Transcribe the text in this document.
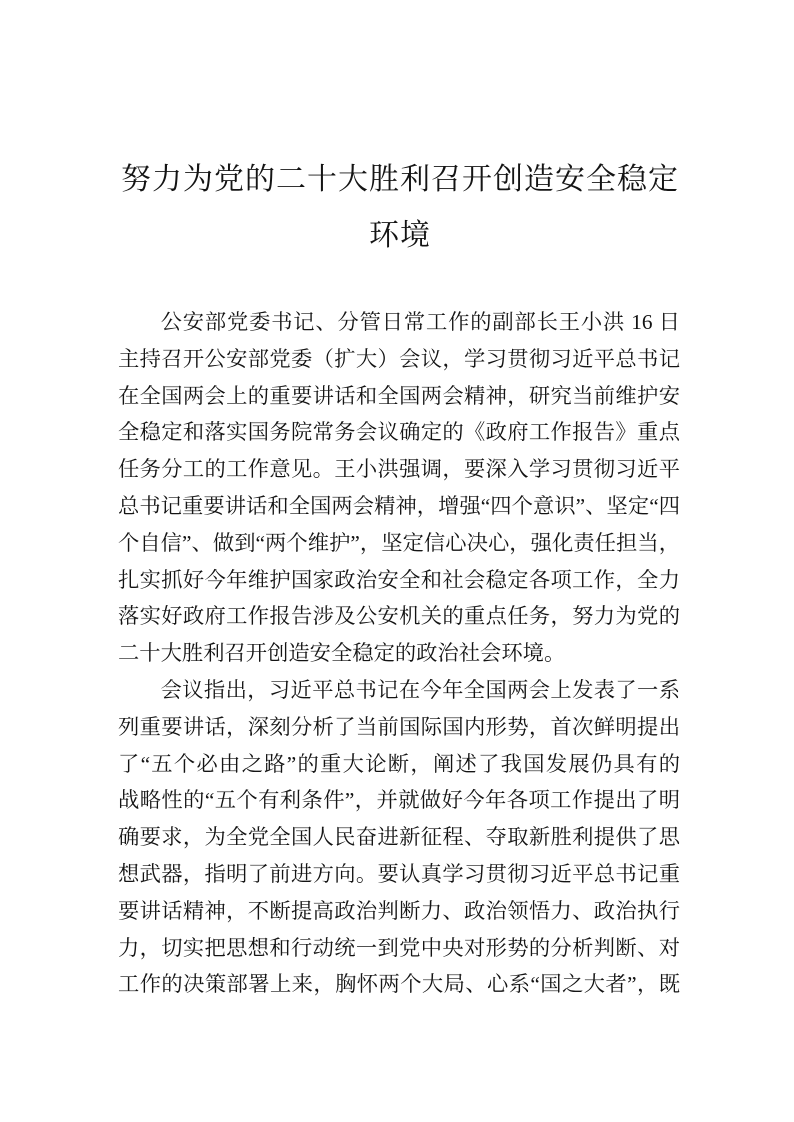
努力为党的二十大胜利召开创造安全稳定
环境
公安部党委书记、分管日常工作的副部长王小洪 16 日
主持召开公安部党委（扩大）会议，学习贯彻习近平总书记
在全国两会上的重要讲话和全国两会精神，研究当前维护安
全稳定和落实国务院常务会议确定的《政府工作报告》重点
任务分工的工作意见。王小洪强调，要深入学习贯彻习近平
总书记重要讲话和全国两会精神，增强“四个意识”、坚定“四
个自信”、做到“两个维护”，坚定信心决心，强化责任担当，
扎实抓好今年维护国家政治安全和社会稳定各项工作，全力
落实好政府工作报告涉及公安机关的重点任务，努力为党的
二十大胜利召开创造安全稳定的政治社会环境。
会议指出，习近平总书记在今年全国两会上发表了一系
列重要讲话，深刻分析了当前国际国内形势，首次鲜明提出
了“五个必由之路”的重大论断，阐述了我国发展仍具有的
战略性的“五个有利条件”，并就做好今年各项工作提出了明
确要求，为全党全国人民奋进新征程、夺取新胜利提供了思
想武器，指明了前进方向。要认真学习贯彻习近平总书记重
要讲话精神，不断提高政治判断力、政治领悟力、政治执行
力，切实把思想和行动统一到党中央对形势的分析判断、对
工作的决策部署上来，胸怀两个大局、心系“国之大者”，既
